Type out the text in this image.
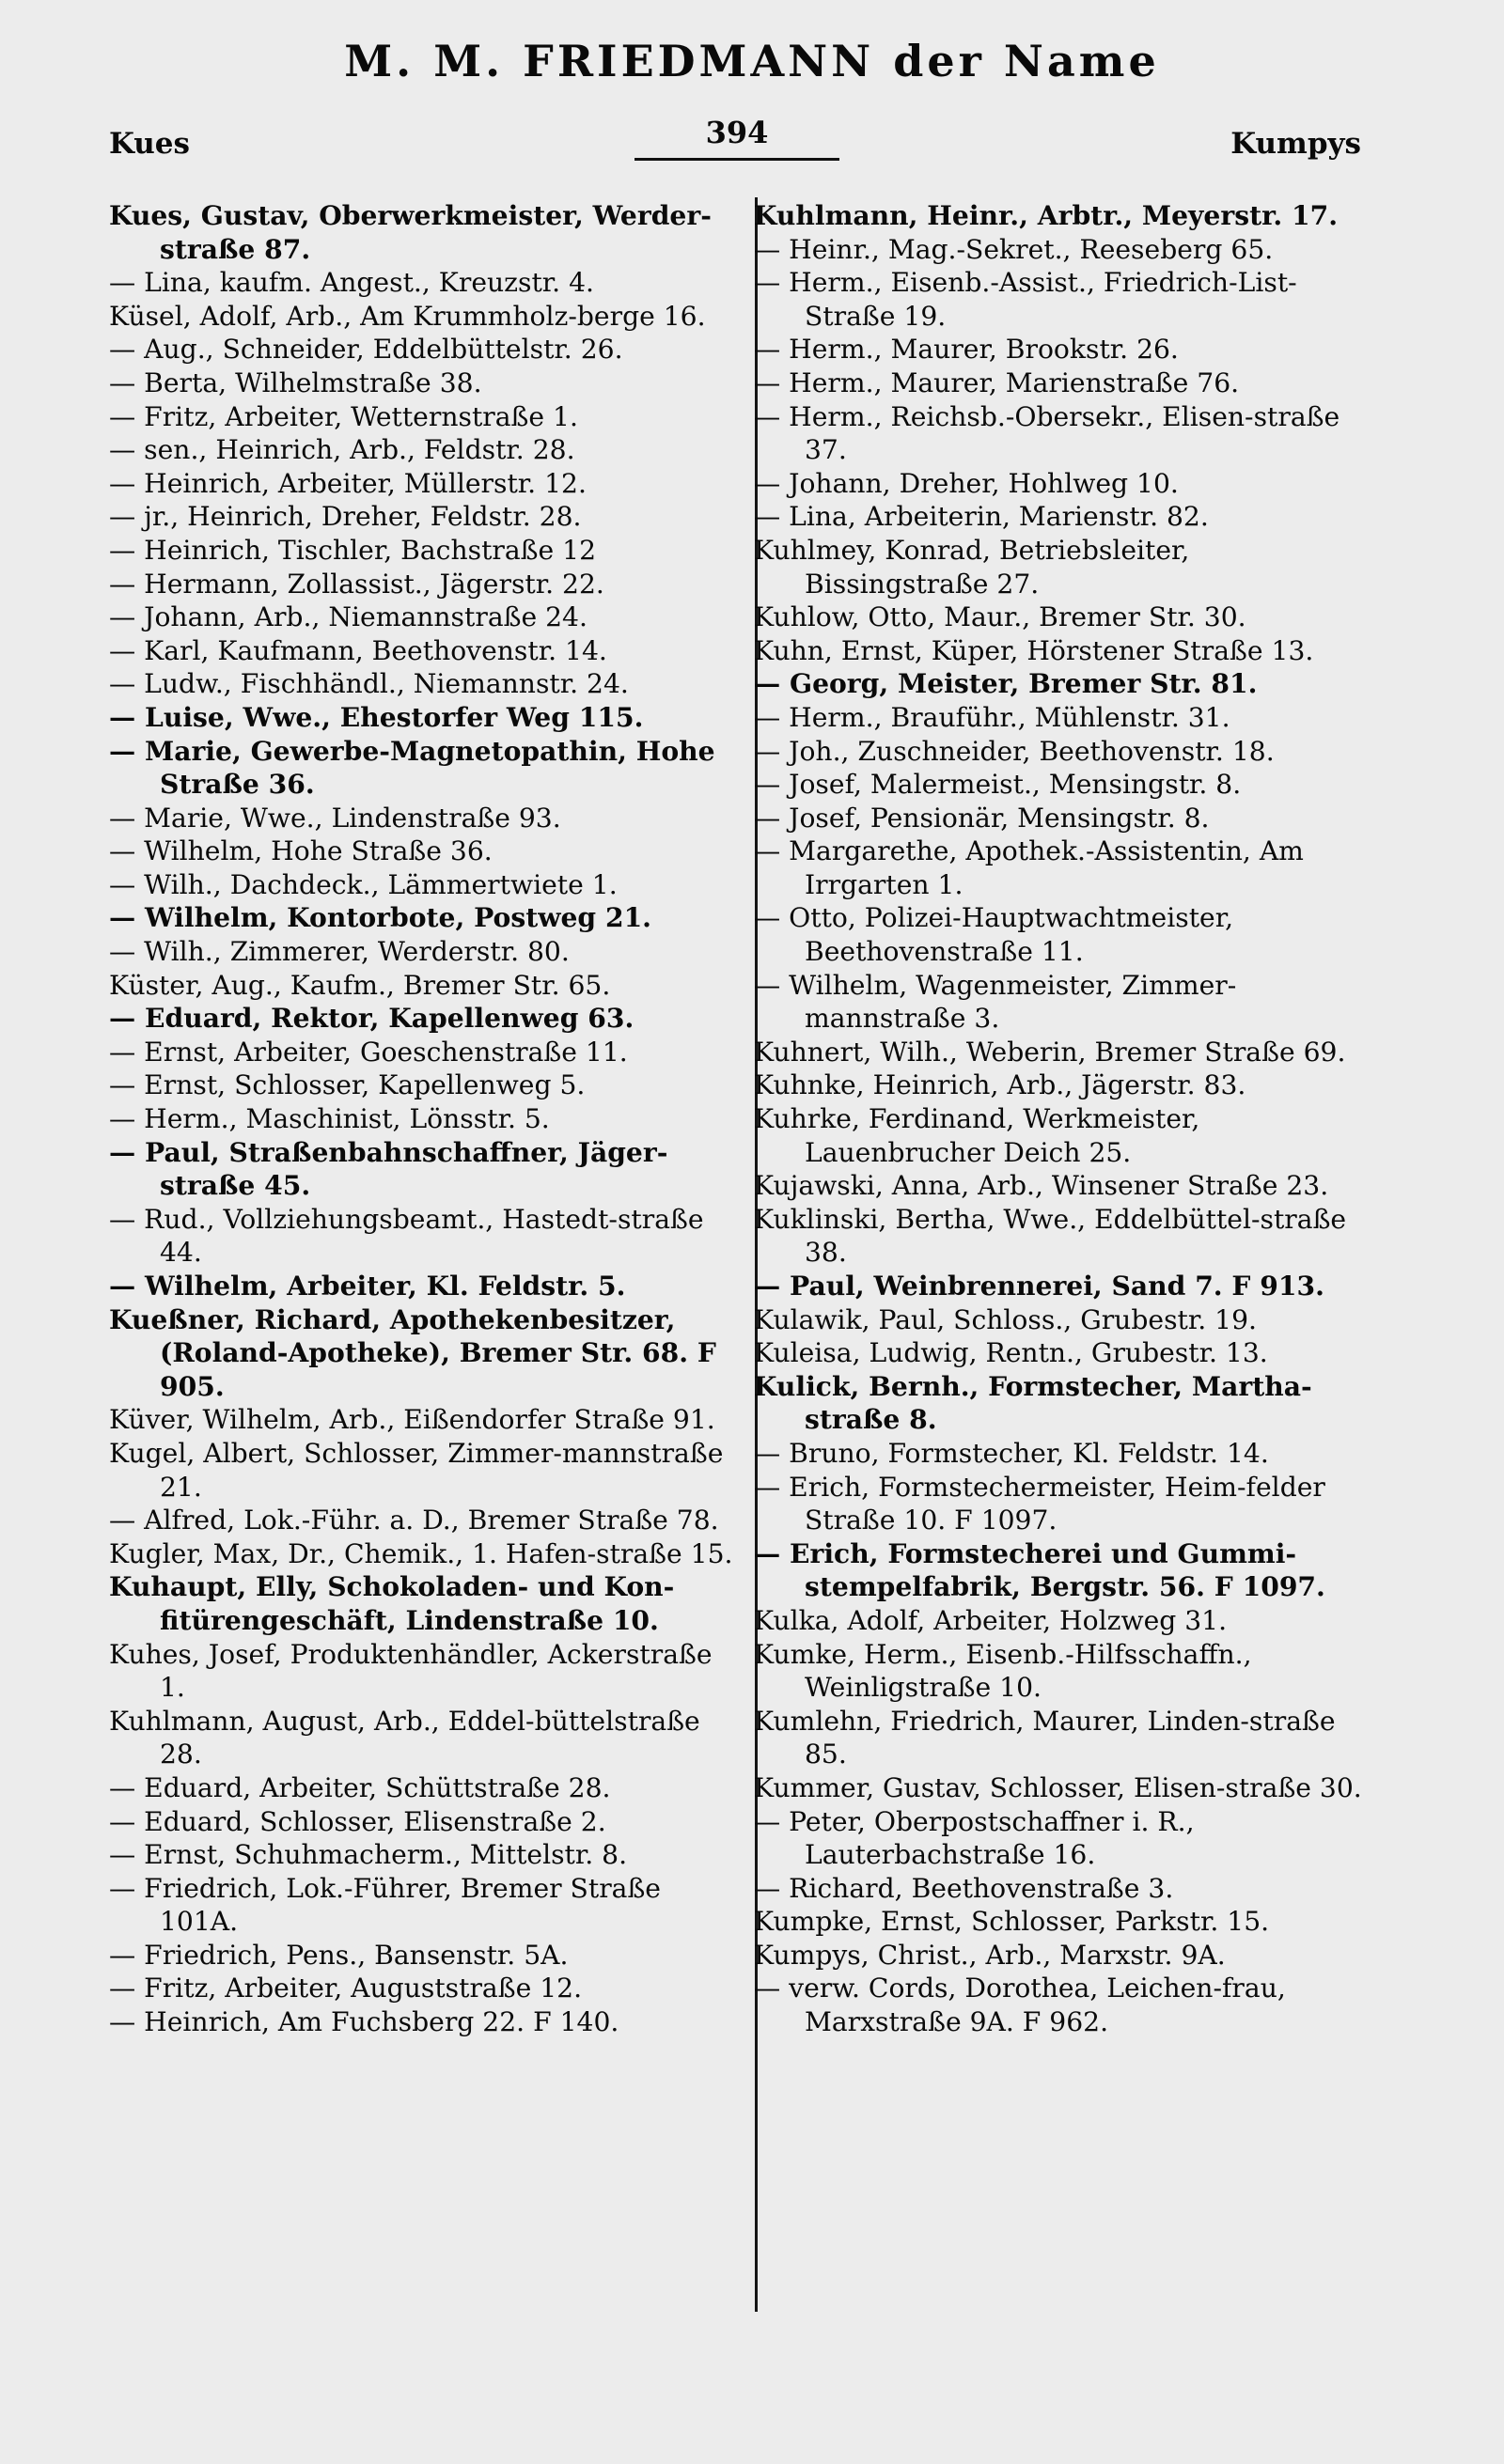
M. M. FRIEDMANN der Name
Kues	394	Kumpys

Kues, Gustav, Oberwerkmeister, Werder-straße 87.

— Lina, kaufm. Angest., Kreuzstr. 4.

Küsel, Adolf, Arb., Am Krummholz-berge 16.

— Aug., Schneider, Eddelbüttelstr. 26.

— Berta, Wilhelmstraße 38.

— Fritz, Arbeiter, Wetternstraße 1.

— sen., Heinrich, Arb., Feldstr. 28.

— Heinrich, Arbeiter, Müllerstr. 12.

— jr., Heinrich, Dreher, Feldstr. 28.

— Heinrich, Tischler, Bachstraße 12

— Hermann, Zollassist., Jägerstr. 22.

— Johann, Arb., Niemannstraße 24.

— Karl, Kaufmann, Beethovenstr. 14.

— Ludw., Fischhändl., Niemannstr. 24.

— Luise, Wwe., Ehestorfer Weg 115.

— Marie, Gewerbe-Magnetopathin, Hohe Straße 36.

— Marie, Wwe., Lindenstraße 93.

— Wilhelm, Hohe Straße 36.

— Wilh., Dachdeck., Lämmertwiete 1.

— Wilhelm, Kontorbote, Postweg 21.

— Wilh., Zimmerer, Werderstr. 80.

Küster, Aug., Kaufm., Bremer Str. 65.

— Eduard, Rektor, Kapellenweg 63.

— Ernst, Arbeiter, Goeschenstraße 11.

— Ernst, Schlosser, Kapellenweg 5.

— Herm., Maschinist, Lönsstr. 5.

— Paul, Straßenbahnschaffner, Jäger-straße 45.

— Rud., Vollziehungsbeamt., Hastedt-straße 44.

— Wilhelm, Arbeiter, Kl. Feldstr. 5.

Kueßner, Richard, Apothekenbesitzer, (Roland-Apotheke), Bremer Str. 68. F 905.

Küver, Wilhelm, Arb., Eißendorfer Straße 91.

Kugel, Albert, Schlosser, Zimmer-mannstraße 21.

— Alfred, Lok.-Führ. a. D., Bremer Straße 78.

Kugler, Max, Dr., Chemik., 1. Hafen-straße 15.

Kuhaupt, Elly, Schokoladen- und Kon-fitürengeschäft, Lindenstraße 10.

Kuhes, Josef, Produktenhändler, Ackerstraße 1.

Kuhlmann, August, Arb., Eddel-büttelstraße 28.

— Eduard, Arbeiter, Schüttstraße 28.

— Eduard, Schlosser, Elisenstraße 2.

— Ernst, Schuhmacherm., Mittelstr. 8.

— Friedrich, Lok.-Führer, Bremer Straße 101A.

— Friedrich, Pens., Bansenstr. 5A.

— Fritz, Arbeiter, Auguststraße 12.

— Heinrich, Am Fuchsberg 22. F 140.

Kuhlmann, Heinr., Arbtr., Meyerstr. 17.

— Heinr., Mag.-Sekret., Reeseberg 65.

— Herm., Eisenb.-Assist., Friedrich-List-Straße 19.

— Herm., Maurer, Brookstr. 26.

— Herm., Maurer, Marienstraße 76.

— Herm., Reichsb.-Obersekr., Elisen-straße 37.

— Johann, Dreher, Hohlweg 10.

— Lina, Arbeiterin, Marienstr. 82.

Kuhlmey, Konrad, Betriebsleiter, Bissingstraße 27.

Kuhlow, Otto, Maur., Bremer Str. 30.

Kuhn, Ernst, Küper, Hörstener Straße 13.

— Georg, Meister, Bremer Str. 81.

— Herm., Brauführ., Mühlenstr. 31.

— Joh., Zuschneider, Beethovenstr. 18.

— Josef, Malermeist., Mensingstr. 8.

— Josef, Pensionär, Mensingstr. 8.

— Margarethe, Apothek.-Assistentin, Am Irrgarten 1.

— Otto, Polizei-Hauptwachtmeister, Beethovenstraße 11.

— Wilhelm, Wagenmeister, Zimmer-mannstraße 3.

Kuhnert, Wilh., Weberin, Bremer Straße 69.

Kuhnke, Heinrich, Arb., Jägerstr. 83.

Kuhrke, Ferdinand, Werkmeister, Lauenbrucher Deich 25.

Kujawski, Anna, Arb., Winsener Straße 23.

Kuklinski, Bertha, Wwe., Eddelbüttel-straße 38.

— Paul, Weinbrennerei, Sand 7. F 913.

Kulawik, Paul, Schloss., Grubestr. 19.

Kuleisa, Ludwig, Rentn., Grubestr. 13.

Kulick, Bernh., Formstecher, Martha-straße 8.

— Bruno, Formstecher, Kl. Feldstr. 14.

— Erich, Formstechermeister, Heim-felder Straße 10. F 1097.

— Erich, Formstecherei und Gummi-stempelfabrik, Bergstr. 56. F 1097.

Kulka, Adolf, Arbeiter, Holzweg 31.

Kumke, Herm., Eisenb.-Hilfsschaffn., Weinligstraße 10.

Kumlehn, Friedrich, Maurer, Linden-straße 85.

Kummer, Gustav, Schlosser, Elisen-straße 30.

— Peter, Oberpostschaffner i. R., Lauterbachstraße 16.

— Richard, Beethovenstraße 3.

Kumpke, Ernst, Schlosser, Parkstr. 15.

Kumpys, Christ., Arb., Marxstr. 9A.

— verw. Cords, Dorothea, Leichen-frau, Marxstraße 9A. F 962.
